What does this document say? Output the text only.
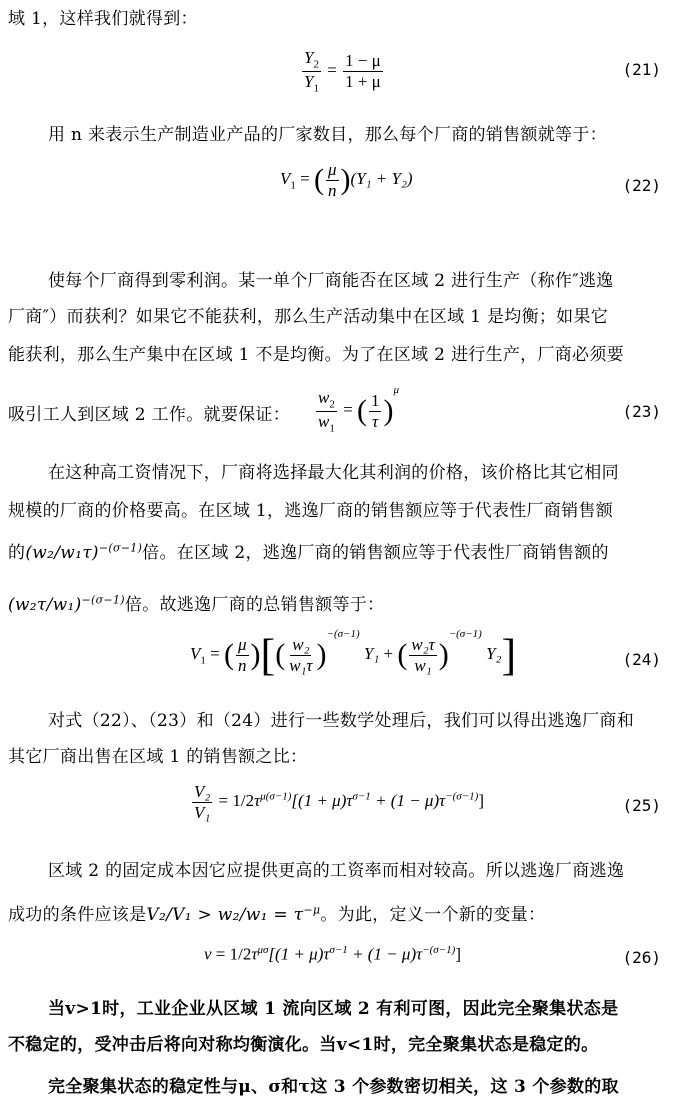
域 1，这样我们就得到：
$\frac{Y_2}{Y_1} = \frac{1 - \mu}{1 + \mu}$	(21)
用 n 来表示生产制造业产品的厂家数目，那么每个厂商的销售额就等于：
$V_1$ = ( $\frac{\mu}{n} )(Y_1 + Y_2)$	(22)
使每个厂商得到零利润。某一单个厂商能否在区域 2 进行生产（称作″逃逸
厂商″）而获利？如果它不能获利，那么生产活动集中在区域 1 是均衡；如果它
能获利，那么生产集中在区域 1 不是均衡。为了在区域 2 进行生产，厂商必须要
吸引工人到区域 2 工作。就要保证： $\frac{w_2}{w_1}$ = ( $\frac{1}{\tau} )^\mu$
(23)
在这种高工资情况下，厂商将选择最大化其利润的价格，该价格比其它相同
规模的厂商的价格要高。在区域 1，逃逸厂商的销售额应等于代表性厂商销售额
的$(w_2/w_1\tau)^{-(\sigma-1)}$倍。在区域 2，逃逸厂商的销售额应等于代表性厂商销售额的
$(w_2\tau/w_1)^{-(\sigma-1)}$倍。故逃逸厂商的总销售额等于：
$V_1$ = ( $\frac{\mu}{n}$ )[( $\frac{\text{w₂}}{\text{w₁τ}} )^{-(\sigma-1)}$ Y₁ + ( $\frac{\text{w₂τ}}{\text{w₁}} )^{-(\sigma-1)}$ Y₂]	(24)
对式（22）、（23）和（24）进行一些数学处理后，我们可以得出逃逸厂商和
其它厂商出售在区域 1 的销售额之比：
$\frac{\text{V₂}}{\text{V₁}} = 1/2\tau^{\mu(\sigma-1)}[(1 + \mu)\tau^{\sigma-1} + (1 - \mu)\tau^{-(\sigma-1)}]$	(25)
区域 2 的固定成本因它应提供更高的工资率而相对较高。所以逃逸厂商逃逸
成功的条件应该是$V_2/V_1 > w_2/w_1 = \tau^{-\mu}$。为此，定义一个新的变量：
$v = 1/2\tau^{\mu\sigma}[(1 + \mu)\tau^{\sigma-1} + (1 - \mu)\tau^{-(\sigma-1)}]$	(26)
当v>1时，工业企业从区域 1 流向区域 2 有利可图，因此完全聚集状态是
不稳定的，受冲击后将向对称均衡演化。当v<1时，完全聚集状态是稳定的。
完全聚集状态的稳定性与μ、σ和τ这 3 个参数密切相关，这 3 个参数的取
